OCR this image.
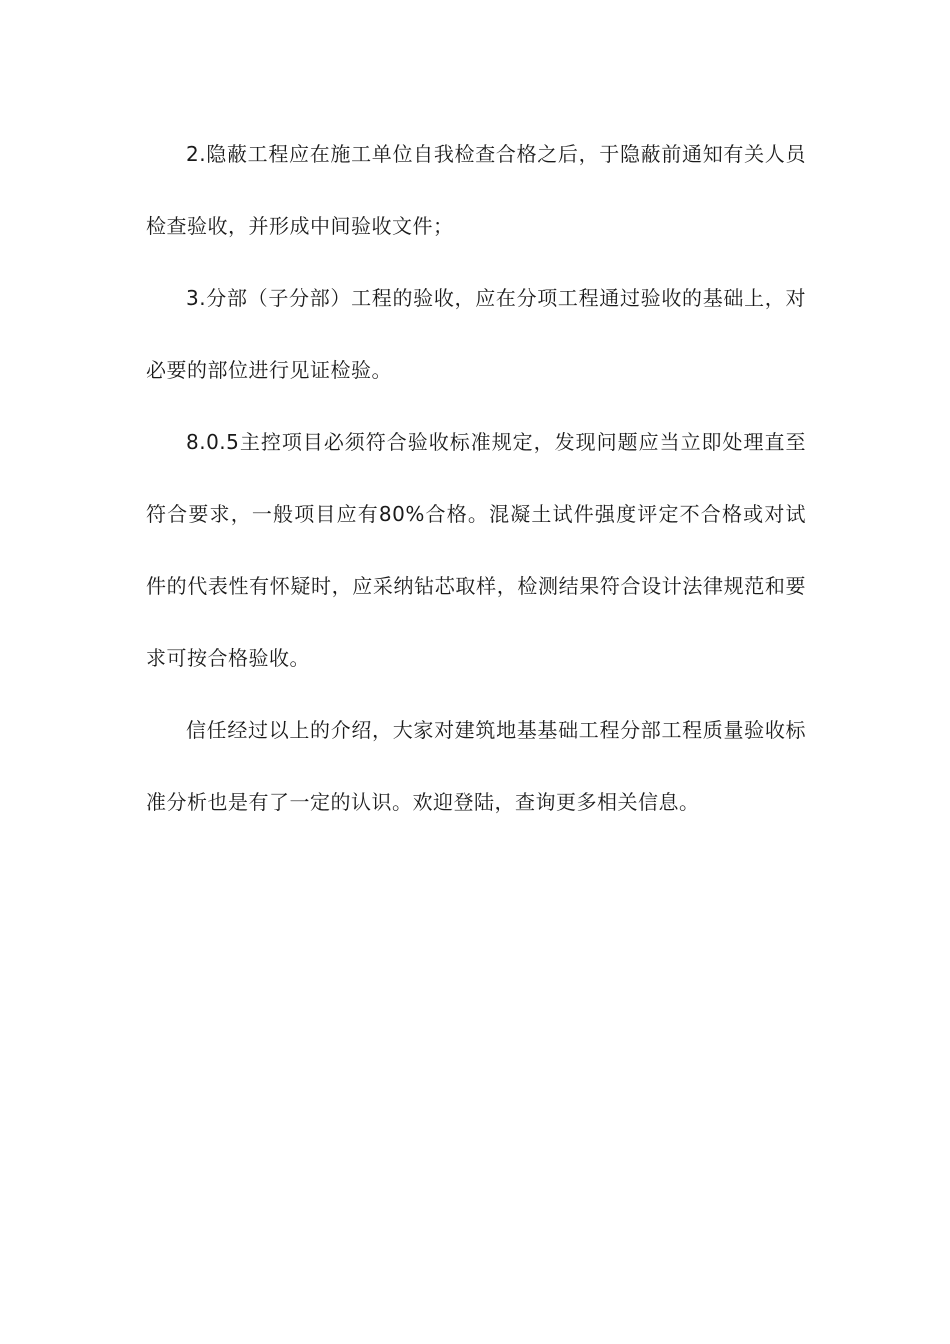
2.隐蔽工程应在施工单位自我检查合格之后，于隐蔽前通知有关人员检查验收，并形成中间验收文件；

3.分部（子分部）工程的验收，应在分项工程通过验收的基础上，对必要的部位进行见证检验。

8.0.5主控项目必须符合验收标准规定，发现问题应当立即处理直至符合要求，一般项目应有80%合格。混凝土试件强度评定不合格或对试件的代表性有怀疑时，应采纳钻芯取样，检测结果符合设计法律规范和要求可按合格验收。

信任经过以上的介绍，大家对建筑地基基础工程分部工程质量验收标准分析也是有了一定的认识。欢迎登陆，查询更多相关信息。
